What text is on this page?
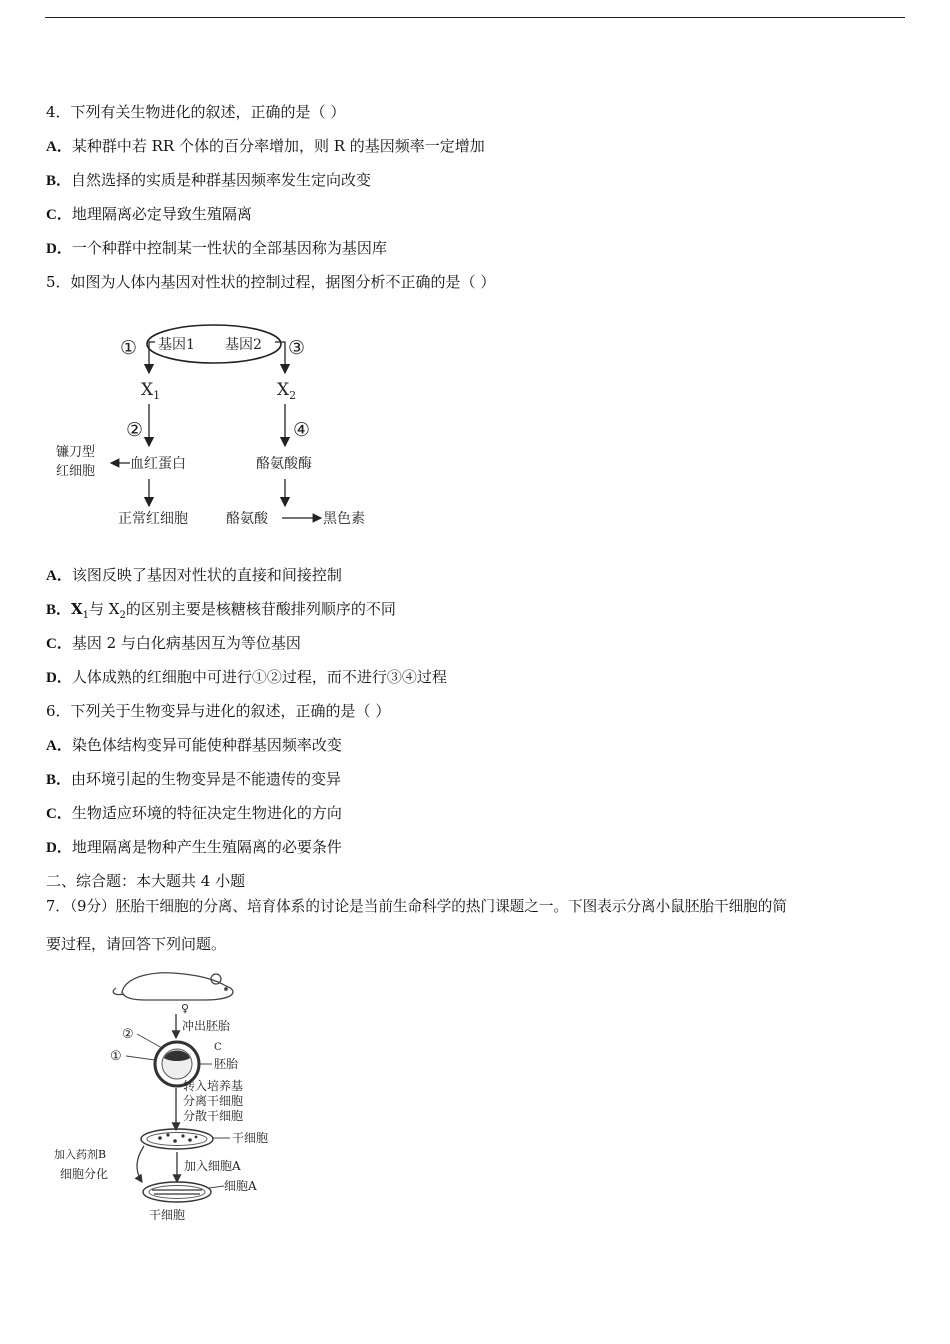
4．下列有关生物进化的叙述，正确的是（ ）
A．某种群中若 RR 个体的百分率增加，则 R 的基因频率一定增加
B．自然选择的实质是种群基因频率发生定向改变
C．地理隔离必定导致生殖隔离
D．一个种群中控制某一性状的全部基因称为基因库
5．如图为人体内基因对性状的控制过程，据图分析不正确的是（ ）
基因1 基因2
①	③
$X_1$	$X_2$
②	④
镰刀型
红细胞 血红蛋白	酪氨酸酶
正常红细胞	酪氨酸	黑色素
A．该图反映了基因对性状的直接和间接控制
B．$X_1$与 $X_2$的区别主要是核糖核苷酸排列顺序的不同
C．基因 2 与白化病基因互为等位基因
D．人体成熟的红细胞中可进行①②过程，而不进行③④过程
6．下列关于生物变异与进化的叙述，正确的是（ ）
A．染色体结构变异可能使种群基因频率改变
B．由环境引起的生物变异是不能遗传的变异
C．生物适应环境的特征决定生物进化的方向
D．地理隔离是物种产生生殖隔离的必要条件
二、综合题：本大题共 4 小题
7．（9分）胚胎干细胞的分离、培育体系的讨论是当前生命科学的热门课题之一。下图表示分离小鼠胚胎干细胞的简
要过程，请回答下列问题。
♀
冲出胚胎
②
①
C
胚胎
转入培养基
分离干细胞
分散干细胞
干细胞
加入药剂B
细胞分化
加入细胞A
细胞A
干细胞
